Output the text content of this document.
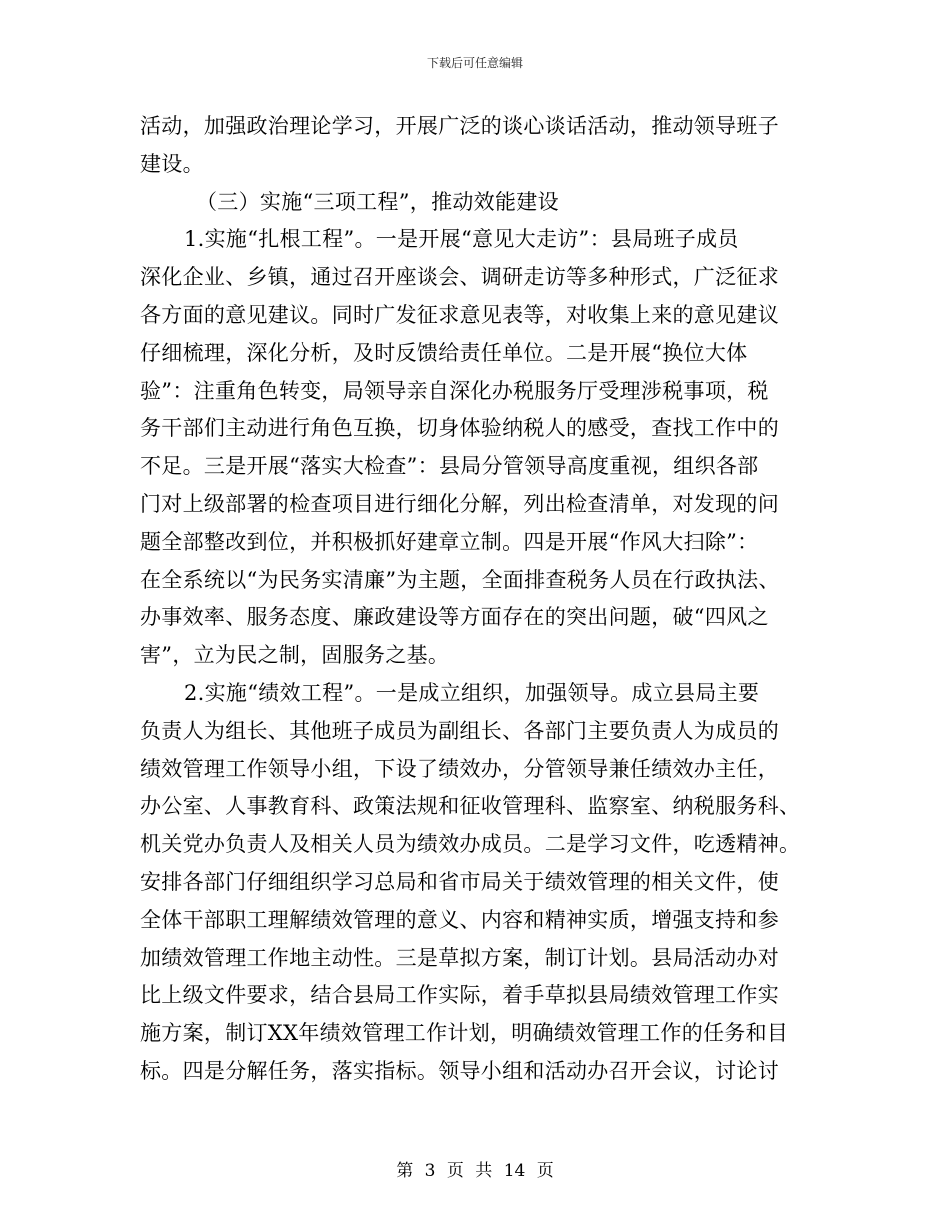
下载后可任意编辑
活动，加强政治理论学习，开展广泛的谈心谈话活动，推动领导班子
建设。
（三）实施“三项工程”，推动效能建设
1.实施“扎根工程”。一是开展“意见大走访”：县局班子成员
深化企业、乡镇，通过召开座谈会、调研走访等多种形式，广泛征求
各方面的意见建议。同时广发征求意见表等，对收集上来的意见建议
仔细梳理，深化分析，及时反馈给责任单位。二是开展“换位大体
验”：注重角色转变，局领导亲自深化办税服务厅受理涉税事项，税
务干部们主动进行角色互换，切身体验纳税人的感受，查找工作中的
不足。三是开展“落实大检查”：县局分管领导高度重视，组织各部
门对上级部署的检查项目进行细化分解，列出检查清单，对发现的问
题全部整改到位，并积极抓好建章立制。四是开展“作风大扫除”：
在全系统以“为民务实清廉”为主题，全面排查税务人员在行政执法、
办事效率、服务态度、廉政建设等方面存在的突出问题，破“四风之
害”，立为民之制，固服务之基。
2.实施“绩效工程”。一是成立组织，加强领导。成立县局主要
负责人为组长、其他班子成员为副组长、各部门主要负责人为成员的
绩效管理工作领导小组，下设了绩效办，分管领导兼任绩效办主任，
办公室、人事教育科、政策法规和征收管理科、监察室、纳税服务科、
机关党办负责人及相关人员为绩效办成员。二是学习文件，吃透精神。
安排各部门仔细组织学习总局和省市局关于绩效管理的相关文件，使
全体干部职工理解绩效管理的意义、内容和精神实质，增强支持和参
加绩效管理工作地主动性。三是草拟方案，制订计划。县局活动办对
比上级文件要求，结合县局工作实际，着手草拟县局绩效管理工作实
施方案，制订XX年绩效管理工作计划，明确绩效管理工作的任务和目
标。四是分解任务，落实指标。领导小组和活动办召开会议，讨论讨
第 3 页 共 14 页
